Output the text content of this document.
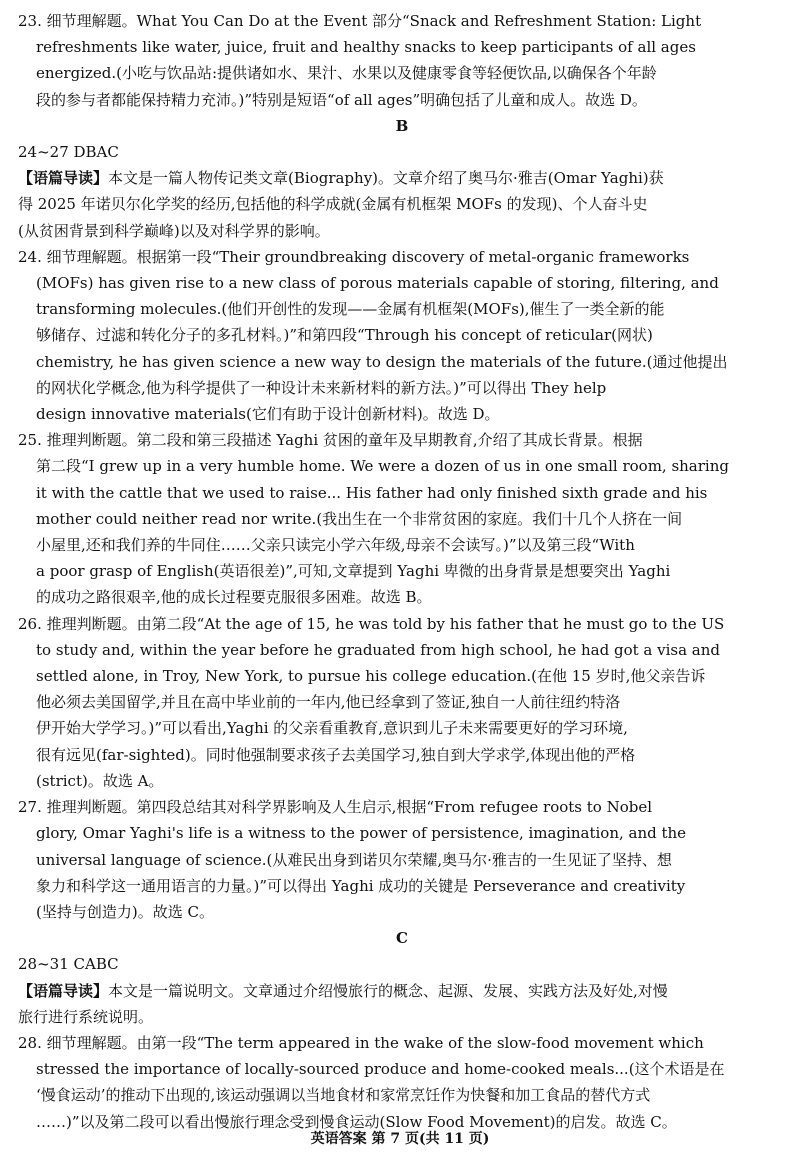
23. 细节理解题。What You Can Do at the Event 部分“Snack and Refreshment Station: Light
refreshments like water, juice, fruit and healthy snacks to keep participants of all ages
energized.(小吃与饮品站:提供诸如水、果汁、水果以及健康零食等轻便饮品,以确保各个年龄
段的参与者都能保持精力充沛。)”特别是短语“of all ages”明确包括了儿童和成人。故选 D。
B
24~27 DBAC
【语篇导读】本文是一篇人物传记类文章(Biography)。文章介绍了奥马尔·雅吉(Omar Yaghi)获
得 2025 年诺贝尔化学奖的经历,包括他的科学成就(金属有机框架 MOFs 的发现)、个人奋斗史
(从贫困背景到科学巅峰)以及对科学界的影响。
24. 细节理解题。根据第一段“Their groundbreaking discovery of metal-organic frameworks
(MOFs) has given rise to a new class of porous materials capable of storing, filtering, and
transforming molecules.(他们开创性的发现——金属有机框架(MOFs),催生了一类全新的能
够储存、过滤和转化分子的多孔材料。)”和第四段“Through his concept of reticular(网状)
chemistry, he has given science a new way to design the materials of the future.(通过他提出
的网状化学概念,他为科学提供了一种设计未来新材料的新方法。)”可以得出 They help
design innovative materials(它们有助于设计创新材料)。故选 D。
25. 推理判断题。第二段和第三段描述 Yaghi 贫困的童年及早期教育,介绍了其成长背景。根据
第二段“I grew up in a very humble home. We were a dozen of us in one small room, sharing
it with the cattle that we used to raise... His father had only finished sixth grade and his
mother could neither read nor write.(我出生在一个非常贫困的家庭。我们十几个人挤在一间
小屋里,还和我们养的牛同住……父亲只读完小学六年级,母亲不会读写。)”以及第三段“With
a poor grasp of English(英语很差)”,可知,文章提到 Yaghi 卑微的出身背景是想要突出 Yaghi
的成功之路很艰辛,他的成长过程要克服很多困难。故选 B。
26. 推理判断题。由第二段“At the age of 15, he was told by his father that he must go to the US
to study and, within the year before he graduated from high school, he had got a visa and
settled alone, in Troy, New York, to pursue his college education.(在他 15 岁时,他父亲告诉
他必须去美国留学,并且在高中毕业前的一年内,他已经拿到了签证,独自一人前往纽约特洛
伊开始大学学习。)”可以看出,Yaghi 的父亲看重教育,意识到儿子未来需要更好的学习环境,
很有远见(far-sighted)。同时他强制要求孩子去美国学习,独自到大学求学,体现出他的严格
(strict)。故选 A。
27. 推理判断题。第四段总结其对科学界影响及人生启示,根据“From refugee roots to Nobel
glory, Omar Yaghi's life is a witness to the power of persistence, imagination, and the
universal language of science.(从难民出身到诺贝尔荣耀,奥马尔·雅吉的一生见证了坚持、想
象力和科学这一通用语言的力量。)”可以得出 Yaghi 成功的关键是 Perseverance and creativity
(坚持与创造力)。故选 C。
C
28~31 CABC
【语篇导读】本文是一篇说明文。文章通过介绍慢旅行的概念、起源、发展、实践方法及好处,对慢
旅行进行系统说明。
28. 细节理解题。由第一段“The term appeared in the wake of the slow-food movement which
stressed the importance of locally-sourced produce and home-cooked meals...(这个术语是在
‘慢食运动’的推动下出现的,该运动强调以当地食材和家常烹饪作为快餐和加工食品的替代方式
……)”以及第二段可以看出慢旅行理念受到慢食运动(Slow Food Movement)的启发。故选 C。
英语答案 第 7 页(共 11 页)
